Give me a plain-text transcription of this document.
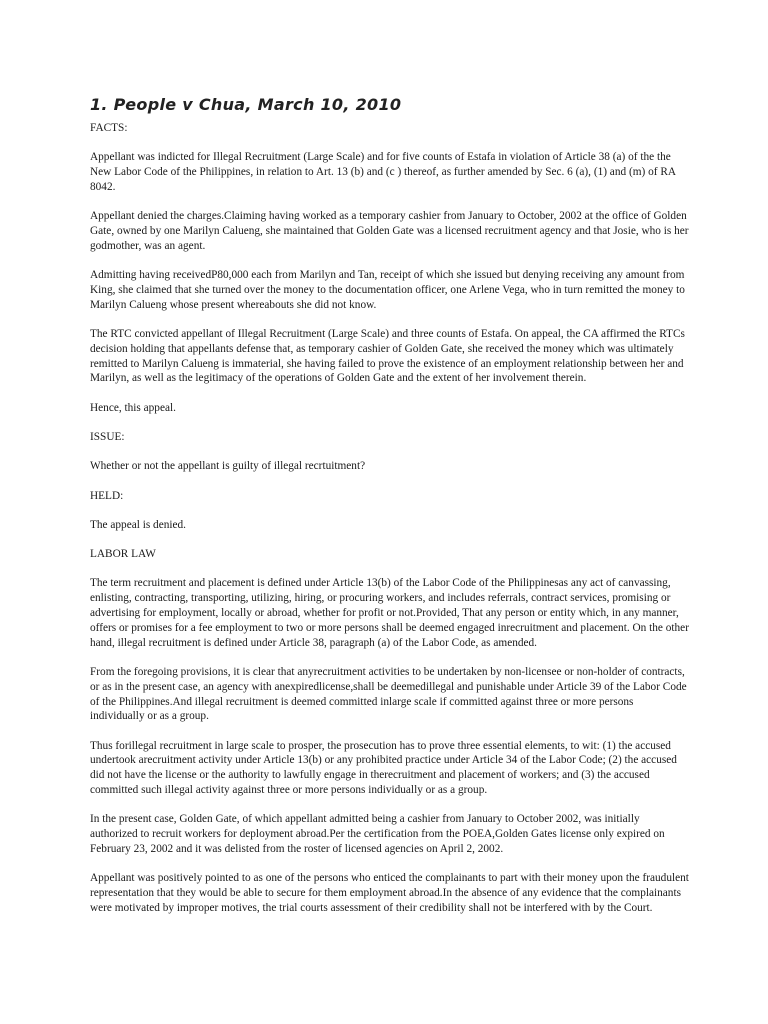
1. People v Chua, March 10, 2010

FACTS:

Appellant was indicted for Illegal Recruitment (Large Scale) and for five counts of Estafa in violation of Article 38 (a) of the the New Labor Code of the Philippines, in relation to Art. 13 (b) and (c ) thereof, as further amended by Sec. 6 (a), (1) and (m) of RA 8042.

Appellant denied the charges.Claiming having worked as a temporary cashier from January to October, 2002 at the office of Golden Gate, owned by one Marilyn Calueng, she maintained that Golden Gate was a licensed recruitment agency and that Josie, who is her godmother, was an agent.

Admitting having receivedP80,000 each from Marilyn and Tan, receipt of which she issued but denying receiving any amount from King, she claimed that she turned over the money to the documentation officer, one Arlene Vega, who in turn remitted the money to Marilyn Calueng whose present whereabouts she did not know.

The RTC convicted appellant of Illegal Recruitment (Large Scale) and three counts of Estafa. On appeal, the CA affirmed the RTCs decision holding that appellants defense that, as temporary cashier of Golden Gate, she received the money which was ultimately remitted to Marilyn Calueng is immaterial, she having failed to prove the existence of an employment relationship between her and Marilyn, as well as the legitimacy of the operations of Golden Gate and the extent of her involvement therein.

Hence, this appeal.

ISSUE:

Whether or not the appellant is guilty of illegal recrtuitment?

HELD:

The appeal is denied.

LABOR LAW

The term recruitment and placement is defined under Article 13(b) of the Labor Code of the Philippinesas any act of canvassing, enlisting, contracting, transporting, utilizing, hiring, or procuring workers, and includes referrals, contract services, promising or advertising for employment, locally or abroad, whether for profit or not.Provided, That any person or entity which, in any manner, offers or promises for a fee employment to two or more persons shall be deemed engaged inrecruitment and placement. On the other hand, illegal recruitment is defined under Article 38, paragraph (a) of the Labor Code, as amended.

From the foregoing provisions, it is clear that anyrecruitment activities to be undertaken by non-licensee or non-holder of contracts, or as in the present case, an agency with anexpiredlicense,shall be deemedillegal and punishable under Article 39 of the Labor Code of the Philippines.And illegal recruitment is deemed committed inlarge scale if committed against three or more persons individually or as a group.

Thus forillegal recruitment in large scale to prosper, the prosecution has to prove three essential elements, to wit: (1) the accused undertook arecruitment activity under Article 13(b) or any prohibited practice under Article 34 of the Labor Code; (2) the accused did not have the license or the authority to lawfully engage in therecruitment and placement of workers; and (3) the accused committed such illegal activity against three or more persons individually or as a group.

In the present case, Golden Gate, of which appellant admitted being a cashier from January to October 2002, was initially authorized to recruit workers for deployment abroad.Per the certification from the POEA,Golden Gates license only expired on February 23, 2002 and it was delisted from the roster of licensed agencies on April 2, 2002.

Appellant was positively pointed to as one of the persons who enticed the complainants to part with their money upon the fraudulent representation that they would be able to secure for them employment abroad.In the absence of any evidence that the complainants were motivated by improper motives, the trial courts assessment of their credibility shall not be interfered with by the Court.
